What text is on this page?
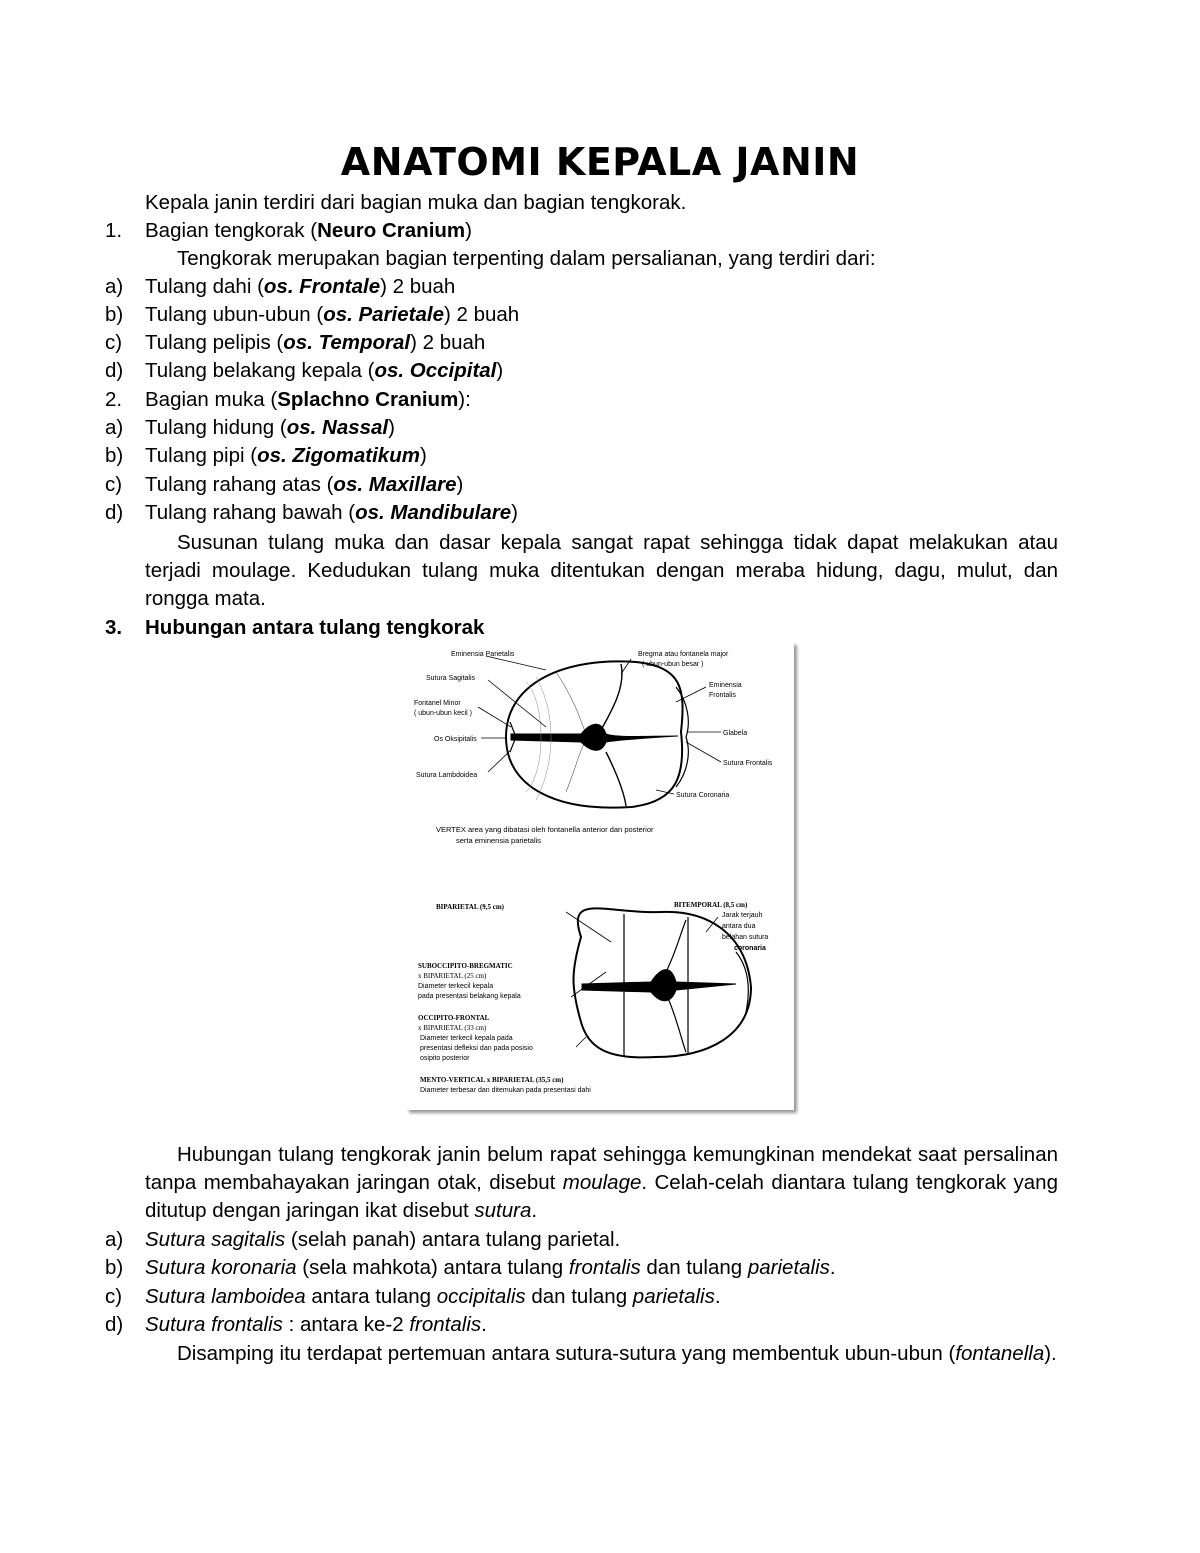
ANATOMI KEPALA JANIN
Kepala janin terdiri dari bagian muka dan bagian tengkorak.
1. Bagian tengkorak (Neuro Cranium)
Tengkorak merupakan bagian terpenting dalam persalianan, yang terdiri dari:
a) Tulang dahi (os. Frontale) 2 buah
b) Tulang ubun-ubun (os. Parietale) 2 buah
c) Tulang pelipis (os. Temporal) 2 buah
d) Tulang belakang kepala (os. Occipital)
2. Bagian muka (Splachno Cranium):
a) Tulang hidung (os. Nassal)
b) Tulang pipi (os. Zigomatikum)
c) Tulang rahang atas (os. Maxillare)
d) Tulang rahang bawah (os. Mandibulare)
Susunan tulang muka dan dasar kepala sangat rapat sehingga tidak dapat melakukan atau terjadi moulage. Kedudukan tulang muka ditentukan dengan meraba hidung, dagu, mulut, dan rongga mata.
3. Hubungan antara tulang tengkorak
Eminensia Parietalis	Bregma atau fontanela major
( ubun-ubun besar )
Sutura Sagitalis
Eminensia
Frontalis
Fontanel Minor
( ubun-ubun kecil )
Glabela
Os Oksipitalis
Sutura Frontalis
Sutura Lambdoidea
Sutura Coronaria
VERTEX area yang dibatasi oleh fontanella anterior dan posterior
serta eminensia parietalis
BIPARIETAL (9,5 cm)	BITEMPORAL (8,5 cm)
Jarak terjauh
antara dua
belahan sutura
coronaria
SUBOCCIPITO-BREGMATIC
x BIPARIETAL (25 cm)
Diameter terkecil kepala
pada presentasi belakang kepala
OCCIPITO-FRONTAL
x BIPARIETAL (33 cm)
Diameter terkecil kepala pada
presentasi defleksi dan pada posisio
osipito posterior
MENTO-VERTICAL x BIPARIETAL (35,5 cm)
Diameter terbesar dan ditemukan pada presentasi dahi
Hubungan tulang tengkorak janin belum rapat sehingga kemungkinan mendekat saat persalinan tanpa membahayakan jaringan otak, disebut moulage. Celah-celah diantara tulang tengkorak yang ditutup dengan jaringan ikat disebut sutura.
a) Sutura sagitalis (selah panah) antara tulang parietal.
b) Sutura koronaria (sela mahkota) antara tulang frontalis dan tulang parietalis.
c) Sutura lamboidea antara tulang occipitalis dan tulang parietalis.
d) Sutura frontalis : antara ke-2 frontalis.
Disamping itu terdapat pertemuan antara sutura-sutura yang membentuk ubun-ubun (fontanella).
